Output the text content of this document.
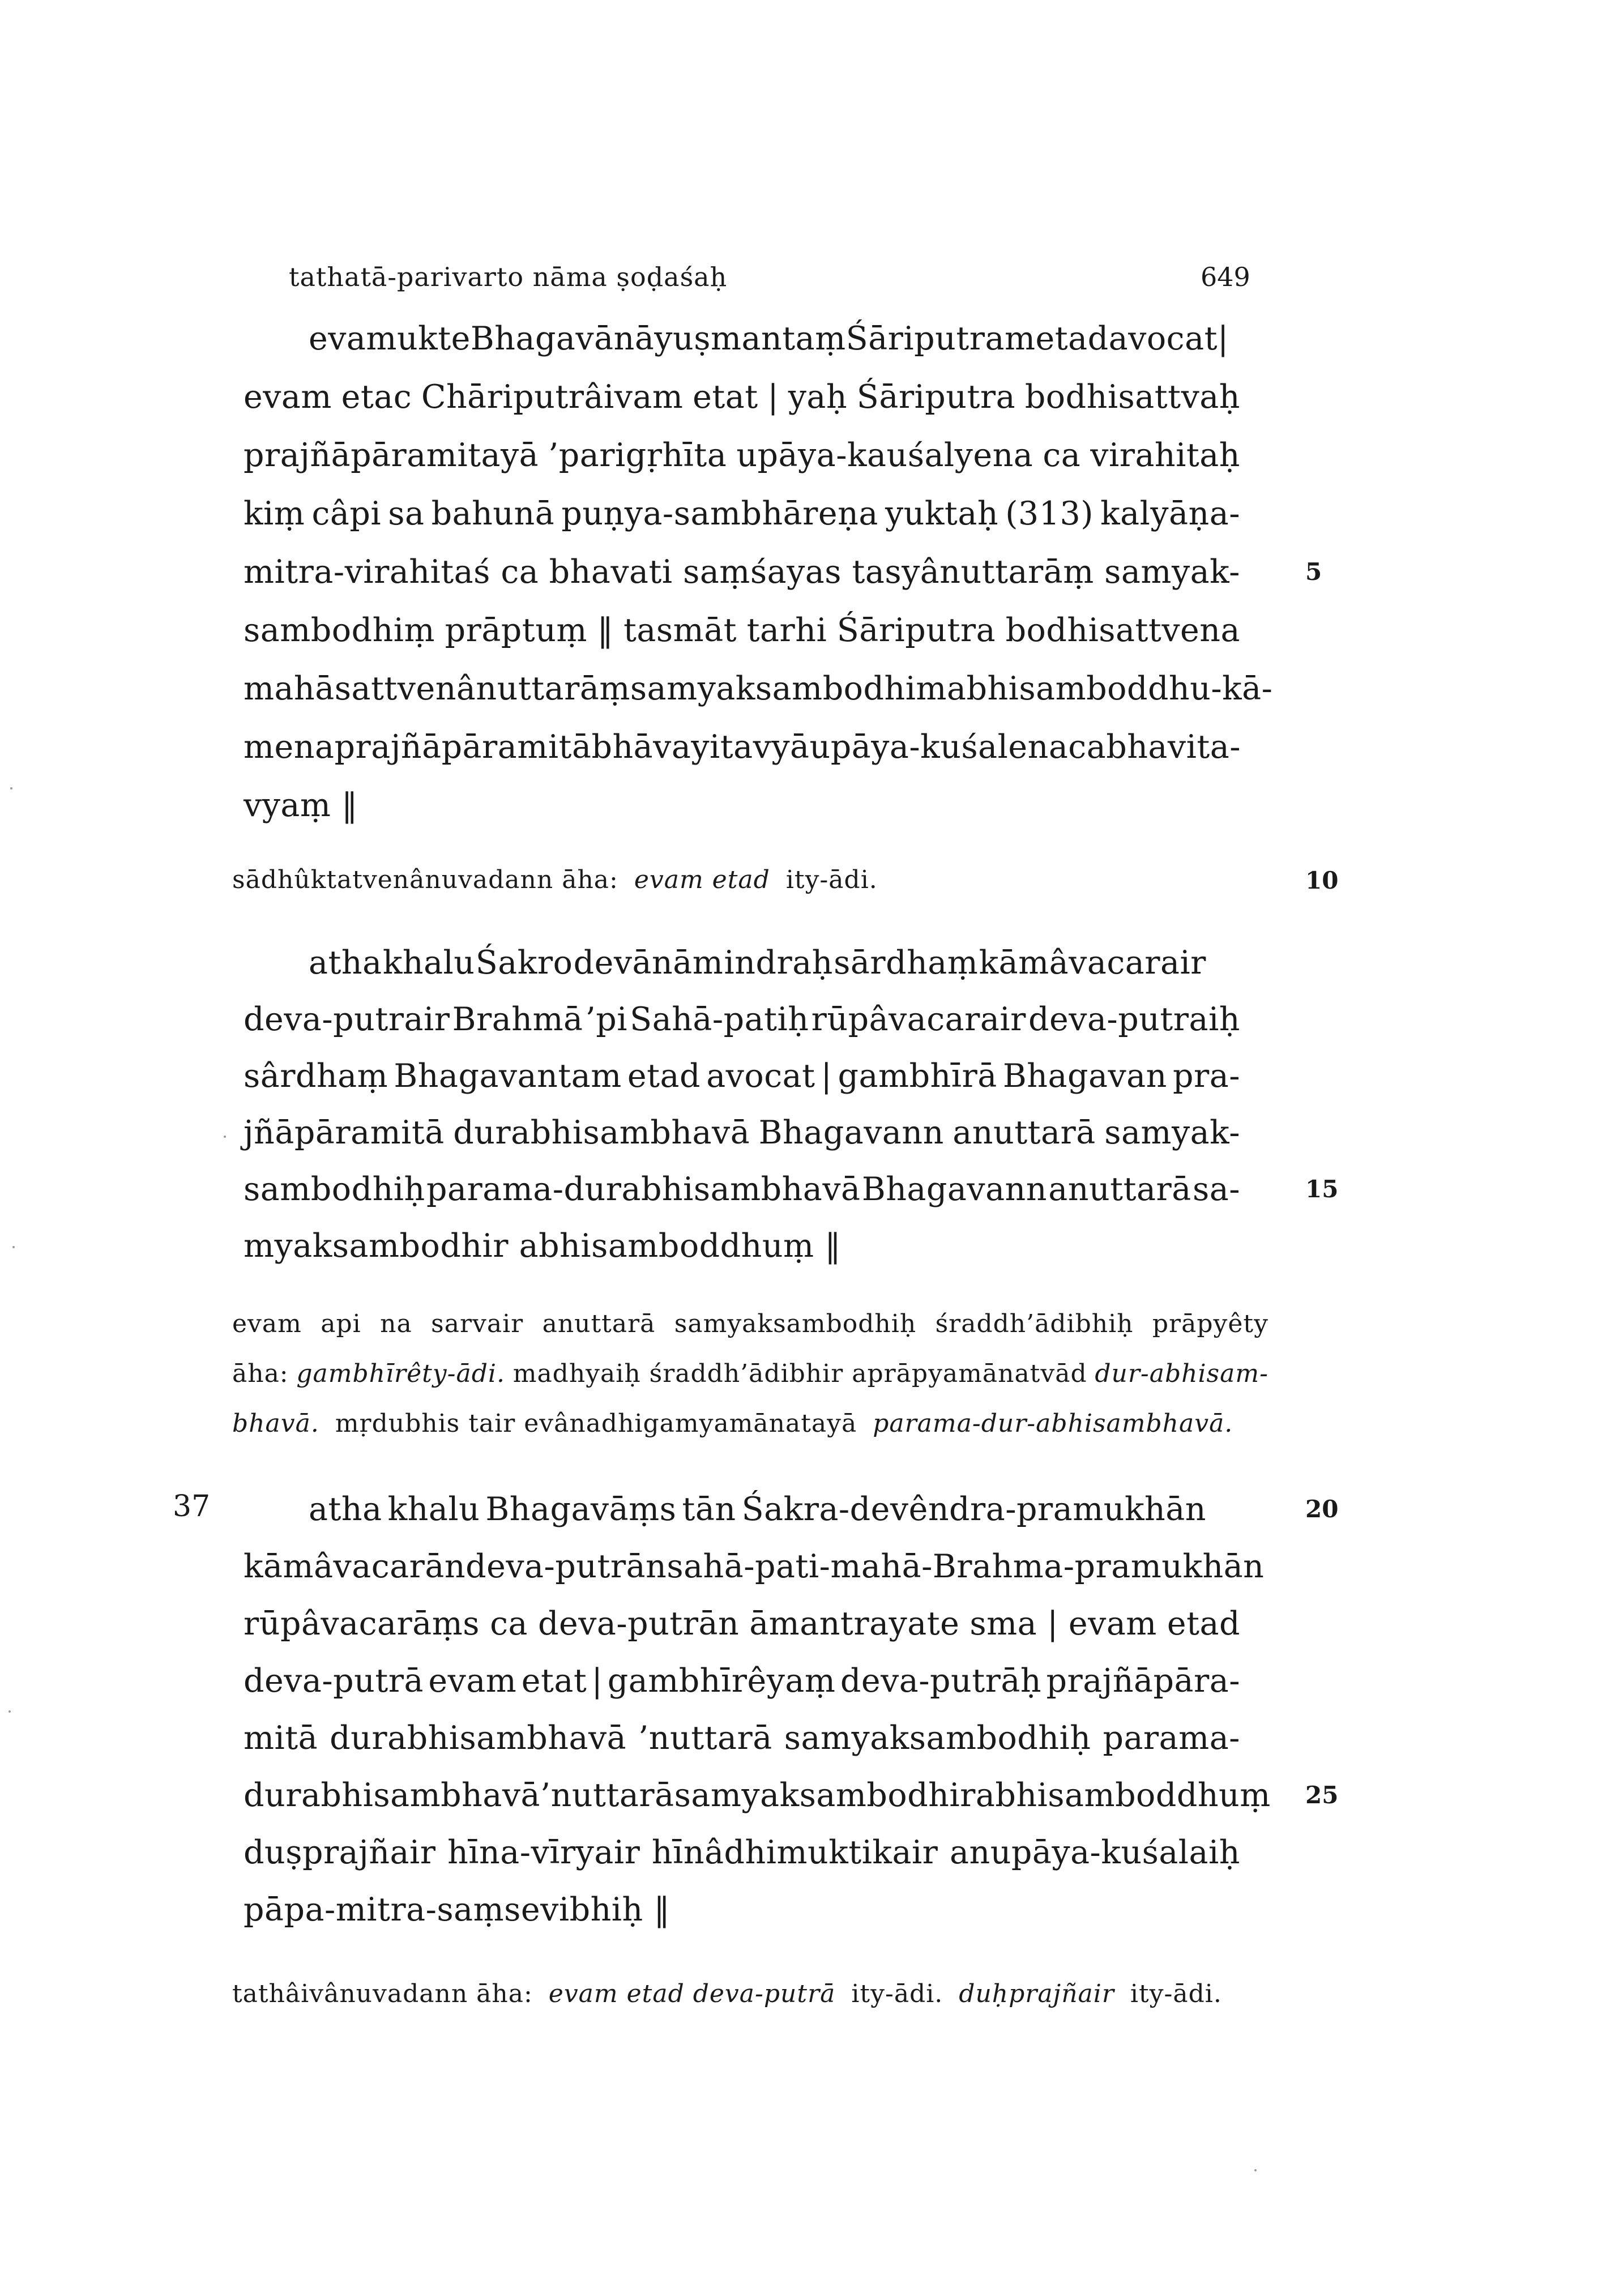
tathatā-parivarto nāma ṣoḍaśaḥ	649
evam ukte Bhagavān āyuṣmantaṃ Śāriputram etad avocat |
evam etac Chāriputrâivam etat | yaḥ Śāriputra bodhisattvaḥ
prajñāpāramitayā ’parigṛhīta upāya-kauśalyena ca virahitaḥ
kiṃ câpi sa bahunā puṇya-sambhāreṇa yuktaḥ (313) kalyāṇa-
mitra-virahitaś ca bhavati saṃśayas tasyânuttarāṃ samyak-
sambodhiṃ prāptuṃ ‖ tasmāt tarhi Śāriputra bodhisattvena
mahāsattvenânuttarāṃ samyaksambodhim abhisamboddhu-kā-
mena prajñāpāramitā bhāvayitavyā upāya-kuśalena ca bhavita-
vyaṃ ‖
sādhûktatvenânuvadann āha: evam etad ity-ādi.
atha khalu Śakro devānām indraḥ sārdhaṃ kāmâvacarair
deva-putrair Brahmā ’pi Sahā-patiḥ rūpâvacarair deva-putraiḥ
sârdhaṃ Bhagavantam etad avocat | gambhīrā Bhagavan pra-
jñāpāramitā durabhisambhavā Bhagavann anuttarā samyak-
sambodhiḥ parama-durabhisambhavā Bhagavann anuttarā sa-
myaksambodhir abhisamboddhuṃ ‖
evam api na sarvair anuttarā samyaksambodhiḥ śraddh’ādibhiḥ prāpyêty
āha: gambhīrêty-ādi. madhyaiḥ śraddh’ādibhir aprāpyamānatvād dur-abhisam-
bhavā. mṛdubhis tair evânadhigamyamānatayā parama-dur-abhisambhavā.
37	atha khalu Bhagavāṃs tān Śakra-devêndra-pramukhān
kāmâvacarān deva-putrān sahā-pati-mahā-Brahma-pramukhān
rūpâvacarāṃs ca deva-putrān āmantrayate sma | evam etad
deva-putrā evam etat | gambhīrêyaṃ deva-putrāḥ prajñāpāra-
mitā durabhisambhavā ’nuttarā samyaksambodhiḥ parama-
durabhisambhavā ’nuttarā samyaksambodhir abhisamboddhuṃ
duṣprajñair hīna-vīryair hīnâdhimuktikair anupāya-kuśalaiḥ
pāpa-mitra-saṃsevibhiḥ ‖
tathâivânuvadann āha: evam etad deva-putrā ity-ādi. duḥprajñair ity-ādi.
5
10
15
20
25
